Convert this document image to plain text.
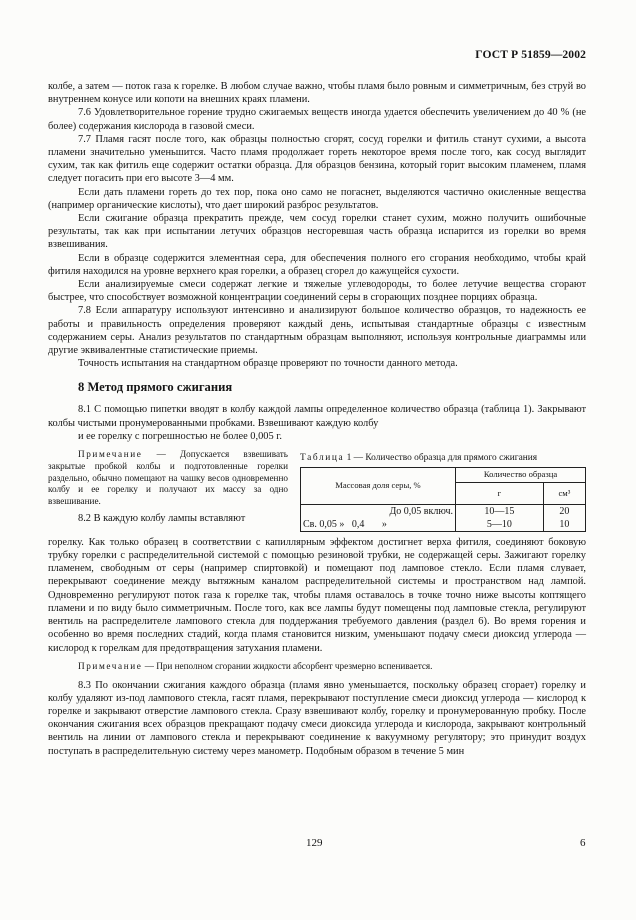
ГОСТ Р 51859—2002

колбе, а затем — поток газа к горелке. В любом случае важно, чтобы пламя было ровным и симметричным, без струй во внутреннем конусе или копоти на внешних краях пламени.

7.6 Удовлетворительное горение трудно сжигаемых веществ иногда удается обеспечить увеличением до 40 % (не более) содержания кислорода в газовой смеси.

7.7 Пламя гасят после того, как образцы полностью сгорят, сосуд горелки и фитиль станут сухими, а высота пламени значительно уменьшится. Часто пламя продолжает гореть некоторое время после того, как сосуд выглядит сухим, так как фитиль еще содержит остатки образца. Для образцов бензина, который горит высоким пламенем, пламя следует погасить при его высоте 3—4 мм.

Если дать пламени гореть до тех пор, пока оно само не погаснет, выделяются частично окисленные вещества (например органические кислоты), что дает широкий разброс результатов.

Если сжигание образца прекратить прежде, чем сосуд горелки станет сухим, можно получить ошибочные результаты, так как при испытании летучих образцов несгоревшая часть образца испарится из горелки во время взвешивания.

Если в образце содержится элементная сера, для обеспечения полного его сгорания необходимо, чтобы край фитиля находился на уровне верхнего края горелки, а образец сгорел до кажущейся сухости.

Если анализируемые смеси содержат легкие и тяжелые углеводороды, то более летучие вещества сгорают быстрее, что способствует возможной концентрации соединений серы в сгорающих позднее порциях образца.

7.8 Если аппаратуру используют интенсивно и анализируют большое количество образцов, то надежность ее работы и правильность определения проверяют каждый день, испытывая стандартные образцы с известным содержанием серы. Анализ результатов по стандартным образцам выполняют, используя контрольные диаграммы или другие эквивалентные статистические приемы.

Точность испытания на стандартном образце проверяют по точности данного метода.

8 Метод прямого сжигания

8.1 С помощью пипетки вводят в колбу каждой лампы определенное количество образца (таблица 1). Закрывают колбы чистыми пронумерованными пробками. Взвешивают каждую колбу

и ее горелку с погрешностью не более 0,005 г.

Примечание — Допускается взвешивать закрытые пробкой колбы и подготовленные горелки раздельно, обычно помещают на чашку весов одновременно колбу и ее горелку и получают их массу за одно взвешивание.

8.2 В каждую колбу лампы вставляют

Таблица 1 — Количество образца для прямого сжигания
Массовая доля серы, %	Количество образца	
	г	см³
До 0,05 включ.	10—15	20
Св. 0,05 »   0,4       »	5—10	10

горелку. Как только образец в соответствии с капиллярным эффектом достигнет верха фитиля, соединяют боковую трубку горелки с распределительной системой с помощью резиновой трубки, не содержащей серы. Зажигают горелку пламенем, свободным от серы (например спиртовкой) и помещают под ламповое стекло. Если пламя слувает, перекрывают соединение между вытяжным каналом распределительной системы и пространством над лампой. Одновременно регулируют поток газа к горелке так, чтобы пламя оставалось в точке точно ниже высоты коптящего пламени и по виду было симметричным. После того, как все лампы будут помещены под ламповые стекла, регулируют вентиль на распределителе лампового стекла для поддержания требуемого давления (раздел 6). Во время горения и особенно во время последних стадий, когда пламя становится низким, уменьшают подачу смеси диоксид углерода — кислород к горелкам для предотвращения затухания пламени.

Примечание — При неполном сгорании жидкости абсорбент чрезмерно вспенивается.

8.3 По окончании сжигания каждого образца (пламя явно уменьшается, поскольку образец сгорает) горелку и колбу удаляют из-под лампового стекла, гасят пламя, перекрывают поступление смеси диоксид углерода — кислород к горелке и закрывают отверстие лампового стекла. Сразу взвешивают колбу, горелку и пронумерованную пробку. После окончания сжигания всех образцов прекращают подачу смеси диоксида углерода и кислорода, закрывают контрольный вентиль на линии от лампового стекла и перекрывают соединение к вакуумному регулятору; это принудит воздух поступать в распределительную систему через манометр. Подобным образом в течение 5 мин

129	6
